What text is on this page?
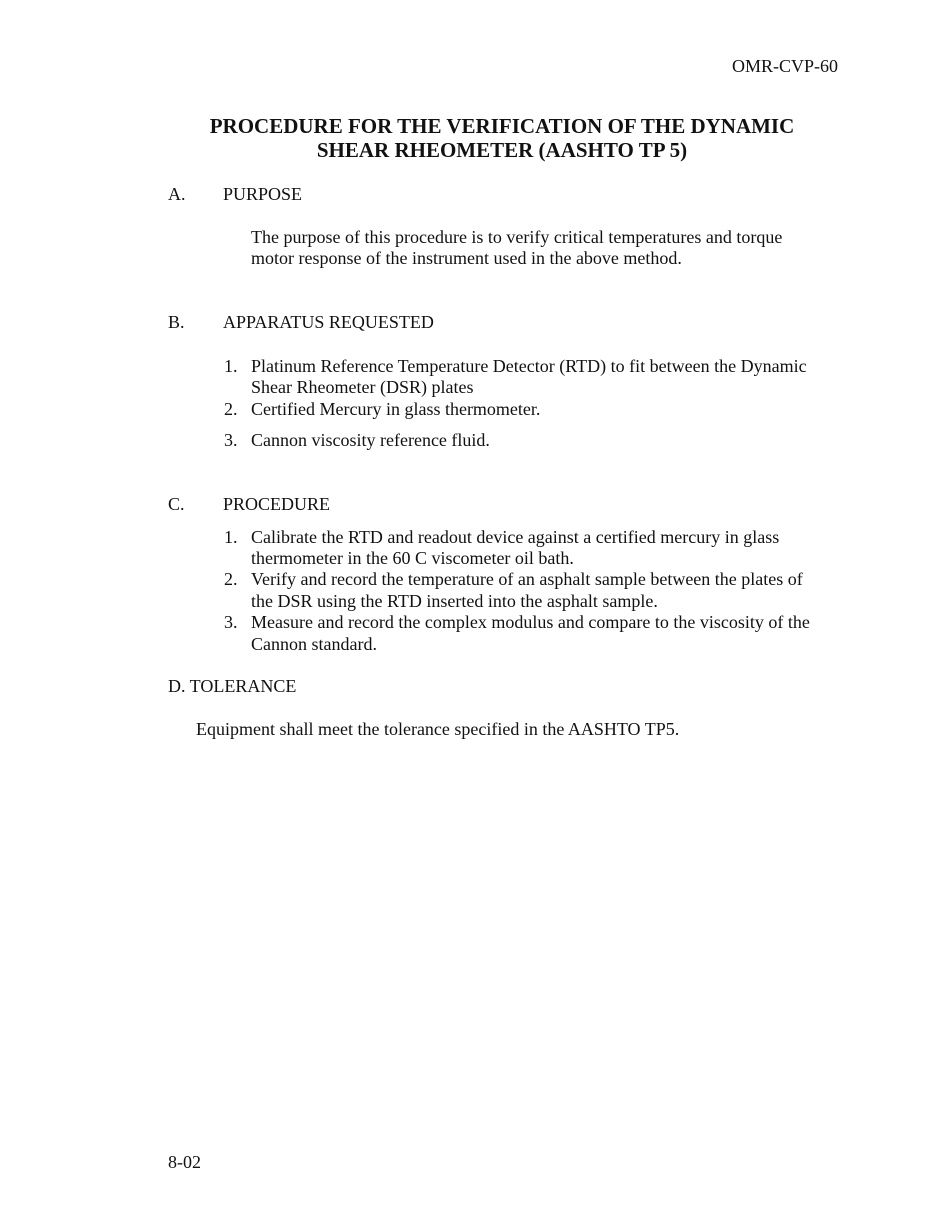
OMR-CVP-60

PROCEDURE FOR THE VERIFICATION OF THE DYNAMIC

SHEAR RHEOMETER (AASHTO TP 5)

A. PURPOSE
The purpose of this procedure is to verify critical temperatures and torque
motor response of the instrument used in the above method.
B. APPARATUS REQUESTED
1. Platinum Reference Temperature Detector (RTD) to fit between the Dynamic
Shear Rheometer (DSR) plates
2. Certified Mercury in glass thermometer.
3. Cannon viscosity reference fluid.
C. PROCEDURE
1. Calibrate the RTD and readout device against a certified mercury in glass
thermometer in the 60 C viscometer oil bath.
2. Verify and record the temperature of an asphalt sample between the plates of
the DSR using the RTD inserted into the asphalt sample.
3. Measure and record the complex modulus and compare to the viscosity of the
Cannon standard.
D. TOLERANCE
Equipment shall meet the tolerance specified in the AASHTO TP5.
8-02
